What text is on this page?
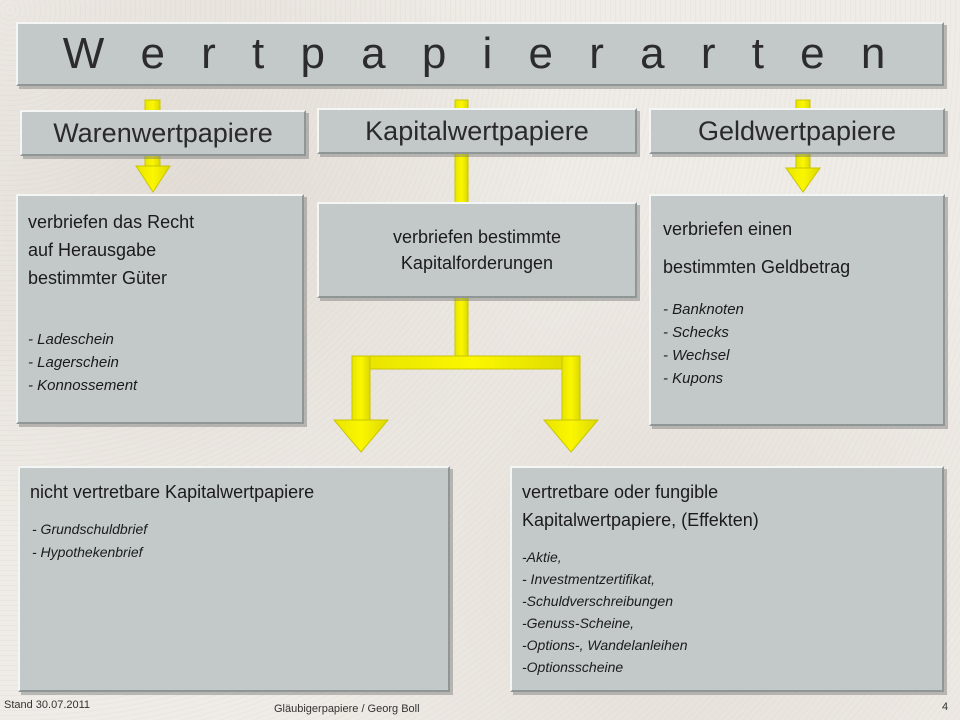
W e r t p a p i e r a r t e n
Warenwertpapiere	Kapitalwertpapiere	Geldwertpapiere
verbriefen das Recht
auf Herausgabe
bestimmter Güter
- Ladeschein
- Lagerschein
- Konnossement
verbriefen bestimmte
Kapitalforderungen
verbriefen einen
bestimmten Geldbetrag
- Banknoten
- Schecks
- Wechsel
- Kupons
nicht vertretbare Kapitalwertpapiere
- Grundschuldbrief
- Hypothekenbrief
vertretbare oder fungible
Kapitalwertpapiere, (Effekten)
-Aktie,
- Investmentzertifikat,
-Schuldverschreibungen
-Genuss-Scheine,
-Options-, Wandelanleihen
-Optionsscheine
Stand 30.07.2011	Gläubigerpapiere / Georg Boll	4
